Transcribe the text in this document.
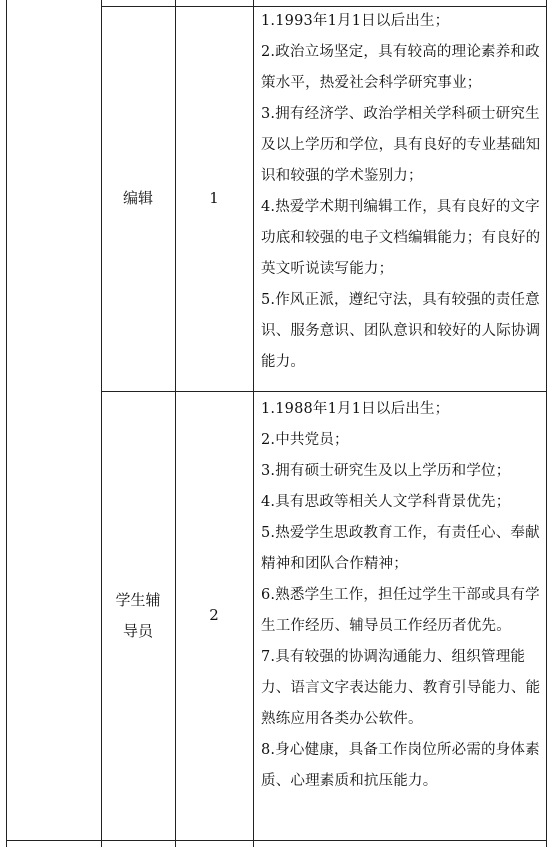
编辑	1
1.1993年1月1日以后出生；
2.政治立场坚定，具有较高的理论素养和政策水平，热爱社会科学研究事业；
3.拥有经济学、政治学相关学科硕士研究生及以上学历和学位，具有良好的专业基础知识和较强的学术鉴别力；
4.热爱学术期刊编辑工作，具有良好的文字功底和较强的电子文档编辑能力；有良好的英文听说读写能力；
5.作风正派，遵纪守法，具有较强的责任意识、服务意识、团队意识和较好的人际协调能力。
学生辅
导员
2
1.1988年1月1日以后出生；
2.中共党员；
3.拥有硕士研究生及以上学历和学位；
4.具有思政等相关人文学科背景优先；
5.热爱学生思政教育工作，有责任心、奉献精神和团队合作精神；
6.熟悉学生工作，担任过学生干部或具有学生工作经历、辅导员工作经历者优先。
7.具有较强的协调沟通能力、组织管理能力、语言文字表达能力、教育引导能力、能熟练应用各类办公软件。
8.身心健康，具备工作岗位所必需的身体素质、心理素质和抗压能力。
